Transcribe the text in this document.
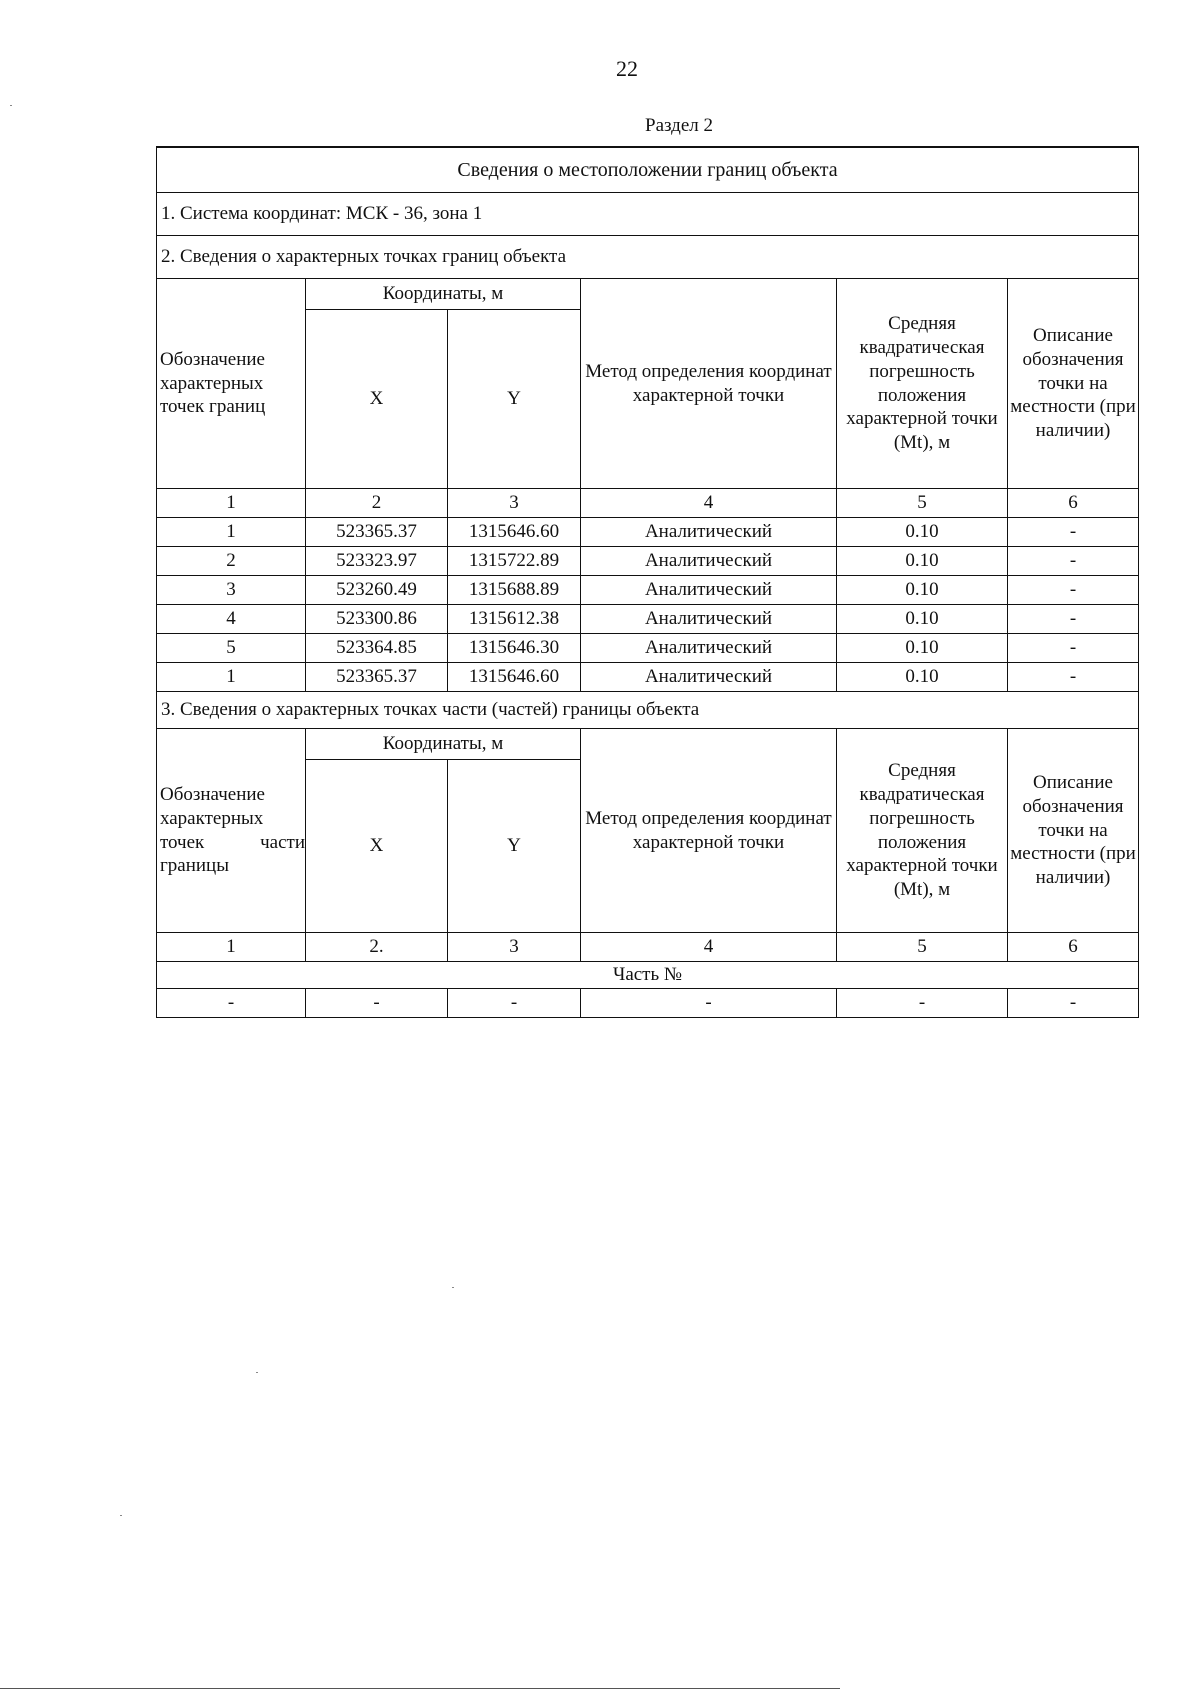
22
Раздел 2
Сведения о местоположении границ объекта					
1. Система координат: МСК - 36, зона 1					
2. Сведения о характерных точках границ объекта					
Обозначение характерных точек границ	Координаты, м		Метод определения координат характерной точки	Средняя квадратическая погрешность положения характерной точки (Mt), м	Описание обозначения точки на местности (при наличии)
	X	Y			
1	2	3	4	5	6
1	523365.37	1315646.60	Аналитический	0.10	-
2	523323.97	1315722.89	Аналитический	0.10	-
3	523260.49	1315688.89	Аналитический	0.10	-
4	523300.86	1315612.38	Аналитический	0.10	-
5	523364.85	1315646.30	Аналитический	0.10	-
1	523365.37	1315646.60	Аналитический	0.10	-
3. Сведения о характерных точках части (частей) границы объекта					
Обозначение характерных точек части границы	Координаты, м		Метод определения координат характерной точки	Средняя квадратическая погрешность положения характерной точки (Mt), м	Описание обозначения точки на местности (при наличии)
	X	Y			
1	2.	3	4	5	6
Часть №					
-	-	-	-	-	-
